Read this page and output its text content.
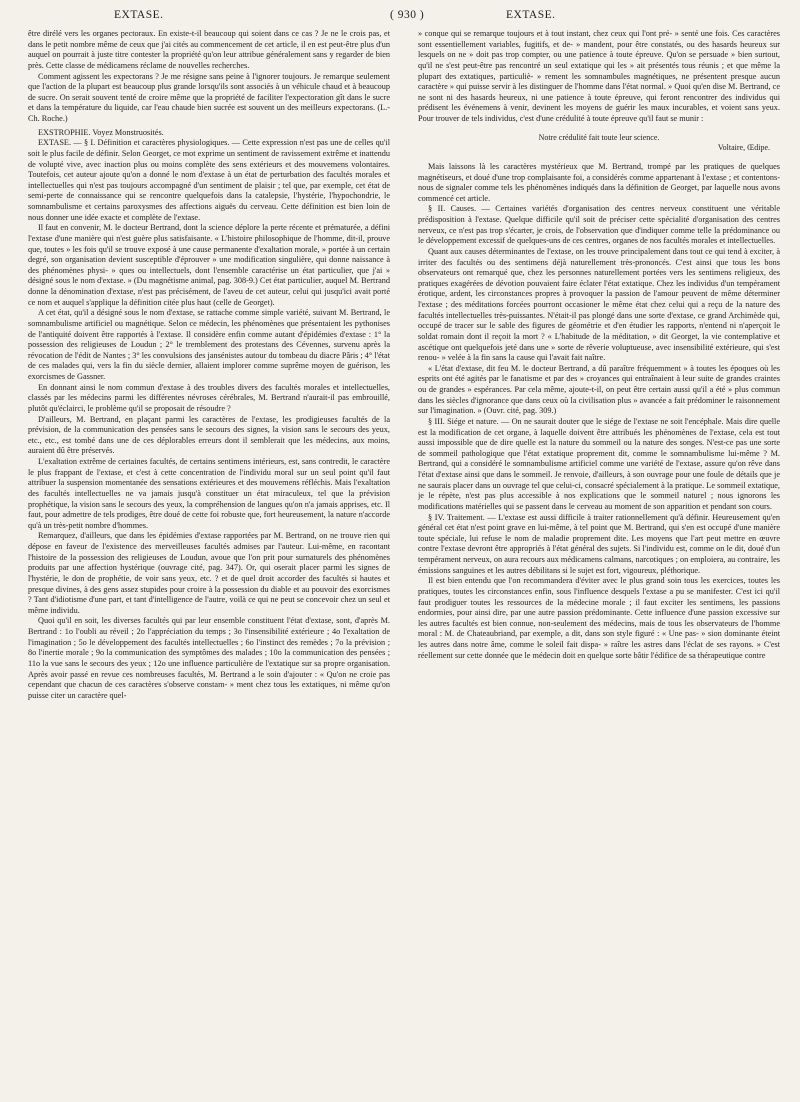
EXTASE.	( 930 )	EXTASE.

être dirélé vers les organes pectoraux. En existe-t-il beaucoup qui soient dans ce cas ? Je ne le crois pas, et dans le petit nombre même de ceux que j'ai cités au commencement de cet article, il en est peut-être plus d'un auquel on pourrait à juste titre contester la propriété qu'on leur attribue généralement sans y regarder de bien près. Cette classe de médicamens réclame de nouvelles recherches.

Comment agissent les expectorans ? Je me résigne sans peine à l'ignorer toujours. Je remarque seulement que l'action de la plupart est beaucoup plus grande lorsqu'ils sont associés à un véhicule chaud et à beaucoup de sucre. On serait souvent tenté de croire même que la propriété de faciliter l'expectoration gît dans le sucre et dans la température du liquide, car l'eau chaude bien sucrée est souvent un des meilleurs expectorans. (L.-Ch. Roche.)

EXSTROPHIE. Voyez Monstruosités.

EXTASE. — § I. Définition et caractères physiologiques. — Cette expression n'est pas une de celles qu'il soit le plus facile de définir. Selon Georget, ce mot exprime un sentiment de ravissement extrême et inattendu de volupté vive, avec inaction plus ou moins complète des sens extérieurs et des mouvemens volontaires. Toutefois, cet auteur ajoute qu'on a donné le nom d'extase à un état de perturbation des facultés morales et intellectuelles qui n'est pas toujours accompagné d'un sentiment de plaisir ; tel que, par exemple, cet état de semi-perte de connaissance qui se rencontre quelquefois dans la catalepsie, l'hystérie, l'hypochondrie, le somnambulisme et certains paroxysmes des affections aiguës du cerveau. Cette définition est bien loin de nous donner une idée exacte et complète de l'extase.

Il faut en convenir, M. le docteur Bertrand, dont la science déplore la perte récente et prématurée, a défini l'extase d'une manière qui n'est guère plus satisfaisante. « L'histoire philosophique de l'homme, dit-il, prouve que, toutes » les fois qu'il se trouve exposé à une cause permanente d'exaltation morale, » portée à un certain degré, son organisation devient susceptible d'éprouver » une modification singulière, qui donne naissance à des phénomènes physi- » ques ou intellectuels, dont l'ensemble caractérise un état particulier, que j'ai » désigné sous le nom d'extase. » (Du magnétisme animal, pag. 308-9.) Cet état particulier, auquel M. Bertrand donne la dénomination d'extase, n'est pas précisément, de l'aveu de cet auteur, celui qui jusqu'ici avait porté ce nom et auquel s'applique la définition citée plus haut (celle de Georget).

A cet état, qu'il a désigné sous le nom d'extase, se rattache comme simple variété, suivant M. Bertrand, le somnambulisme artificiel ou magnétique. Selon ce médecin, les phénomènes que présentaient les pythonises de l'antiquité doivent être rapportés à l'extase. Il considère enfin comme autant d'épidémies d'extase : 1° la possession des religieuses de Loudun ; 2° le tremblement des protestans des Cévennes, survenu après la révocation de l'édit de Nantes ; 3° les convulsions des jansénistes autour du tombeau du diacre Pâris ; 4° l'état de ces malades qui, vers la fin du siècle dernier, allaient implorer comme suprême moyen de guérison, les exorcismes de Gassner.

En donnant ainsi le nom commun d'extase à des troubles divers des facultés morales et intellectuelles, classés par les médecins parmi les différentes névroses cérébrales, M. Bertrand n'aurait-il pas embrouillé, plutôt qu'éclairci, le problème qu'il se proposait de résoudre ?

D'ailleurs, M. Bertrand, en plaçant parmi les caractères de l'extase, les prodigieuses facultés de la prévision, de la communication des pensées sans le secours des signes, la vision sans le secours des yeux, etc., etc., est tombé dans une de ces déplorables erreurs dont il semblerait que les médecins, aux moins, auraient dû être préservés.

L'exaltation extrême de certaines facultés, de certains sentimens intérieurs, est, sans contredit, le caractère le plus frappant de l'extase, et c'est à cette concentration de l'individu moral sur un seul point qu'il faut attribuer la suspension momentanée des sensations extérieures et des mouvemens réfléchis. Mais l'exaltation des facultés intellectuelles ne va jamais jusqu'à constituer un état miraculeux, tel que la prévision prophétique, la vision sans le secours des yeux, la compréhension de langues qu'on n'a jamais apprises, etc. Il faut, pour admettre de tels prodiges, être doué de cette foi robuste que, fort heureusement, la nature n'accorde qu'à un très-petit nombre d'hommes.

Remarquez, d'ailleurs, que dans les épidémies d'extase rapportées par M. Bertrand, on ne trouve rien qui dépose en faveur de l'existence des merveilleuses facultés admises par l'auteur. Lui-même, en racontant l'histoire de la possession des religieuses de Loudun, avoue que l'on prit pour surnaturels des phénomènes produits par une affection hystérique (ouvrage cité, pag. 347). Or, qui oserait placer parmi les signes de l'hystérie, le don de prophétie, de voir sans yeux, etc. ? et de quel droit accorder des facultés si hautes et presque divines, à des gens assez stupides pour croire à la possession du diable et au pouvoir des exorcismes ? Tant d'idiotisme d'une part, et tant d'intelligence de l'autre, voilà ce qui ne peut se concevoir chez un seul et même individu.

Quoi qu'il en soit, les diverses facultés qui par leur ensemble constituent l'état d'extase, sont, d'après M. Bertrand : 1o l'oubli au réveil ; 2o l'appréciation du temps ; 3o l'insensibilité extérieure ; 4o l'exaltation de l'imagination ; 5o le développement des facultés intellectuelles ; 6o l'instinct des remèdes ; 7o la prévision ; 8o l'inertie morale ; 9o la communication des symptômes des malades ; 10o la communication des pensées ; 11o la vue sans le secours des yeux ; 12o une influence particulière de l'extatique sur sa propre organisation. Après avoir passé en revue ces nombreuses facultés, M. Bertrand a le soin d'ajouter : « Qu'on ne croie pas cependant que chacun de ces caractères s'observe constam- » ment chez tous les extatiques, ni même qu'on puisse citer un caractère quel-

» conque qui se remarque toujours et à tout instant, chez ceux qui l'ont pré- » senté une fois. Ces caractères sont essentiellement variables, fugitifs, et de- » mandent, pour être constatés, ou des hasards heureux sur lesquels on ne » doit pas trop compter, ou une patience à toute épreuve. Qu'on se persuade » bien surtout, qu'il ne s'est peut-être pas rencontré un seul extatique qui les » ait présentés tous réunis ; et que même la plupart des extatiques, particuliè- » rement les somnambules magnétiques, ne présentent presque aucun caractère » qui puisse servir à les distinguer de l'homme dans l'état normal. » Quoi qu'en dise M. Bertrand, ce ne sont ni des hasards heureux, ni une patience à toute épreuve, qui feront rencontrer des individus qui prédisent les événemens à venir, devinent les moyens de guérir les maux incurables, et voient sans yeux. Pour trouver de tels individus, c'est d'une crédulité à toute épreuve qu'il faut se munir :

Notre crédulité fait toute leur science.

Voltaire, Œdipe.

Mais laissons là les caractères mystérieux que M. Bertrand, trompé par les pratiques de quelques magnétiseurs, et doué d'une trop complaisante foi, a considérés comme appartenant à l'extase ; et contentons-nous de signaler comme tels les phénomènes indiqués dans la définition de Georget, par laquelle nous avons commencé cet article.

§ II. Causes. — Certaines variétés d'organisation des centres nerveux constituent une véritable prédisposition à l'extase. Quelque difficile qu'il soit de préciser cette spécialité d'organisation des centres nerveux, ce n'est pas trop s'écarter, je crois, de l'observation que d'indiquer comme telle la prédominance ou le développement excessif de quelques-uns de ces centres, organes de nos facultés morales et intellectuelles.

Quant aux causes déterminantes de l'extase, on les trouve principalement dans tout ce qui tend à exciter, à irriter des facultés ou des sentimens déjà naturellement très-prononcés. C'est ainsi que tous les bons observateurs ont remarqué que, chez les personnes naturellement portées vers les sentimens religieux, des pratiques exagérées de dévotion pouvaient faire éclater l'état extatique. Chez les individus d'un tempérament érotique, ardent, les circonstances propres à provoquer la passion de l'amour peuvent de même déterminer l'extase ; des méditations forcées pourront occasioner le même état chez celui qui a reçu de la nature des facultés intellectuelles très-puissantes. N'était-il pas plongé dans une sorte d'extase, ce grand Archimède qui, occupé de tracer sur le sable des figures de géométrie et d'en étudier les rapports, n'entend ni n'aperçoit le soldat romain dont il reçoit la mort ? « L'habitude de la méditation, » dit Georget, la vie contemplative et ascétique ont quelquefois jeté dans une » sorte de rêverie voluptueuse, avec insensibilité extérieure, qui s'est renou- » velée à la fin sans la cause qui l'avait fait naître.

« L'état d'extase, dit feu M. le docteur Bertrand, a dû paraître fréquemment » à toutes les époques où les esprits ont été agités par le fanatisme et par des » croyances qui entraînaient à leur suite de grandes craintes ou de grandes » espérances. Par cela même, ajoute-t-il, on peut être certain aussi qu'il a été » plus commun dans les siècles d'ignorance que dans ceux où la civilisation plus » avancée a fait prédominer le raisonnement sur l'imagination. » (Ouvr. cité, pag. 309.)

§ III. Siége et nature. — On ne saurait douter que le siége de l'extase ne soit l'encéphale. Mais dire quelle est la modification de cet organe, à laquelle doivent être attribués les phénomènes de l'extase, cela est tout aussi impossible que de dire quelle est la nature du sommeil ou la nature des songes. N'est-ce pas une sorte de sommeil pathologique que l'état extatique proprement dit, comme le somnambulisme lui-même ? M. Bertrand, qui a considéré le somnambulisme artificiel comme une variété de l'extase, assure qu'on rêve dans l'état d'extase ainsi que dans le sommeil. Je renvoie, d'ailleurs, à son ouvrage pour une foule de détails que je ne saurais placer dans un ouvrage tel que celui-ci, consacré spécialement à la pratique. Le sommeil extatique, je le répète, n'est pas plus accessible à nos explications que le sommeil naturel ; nous ignorons les modifications matérielles qui se passent dans le cerveau au moment de son apparition et pendant son cours.

§ IV. Traitement. — L'extase est aussi difficile à traiter rationnellement qu'à définir. Heureusement qu'en général cet état n'est point grave en lui-même, à tel point que M. Bertrand, qui s'en est occupé d'une manière toute spéciale, lui refuse le nom de maladie proprement dite. Les moyens que l'art peut mettre en œuvre contre l'extase devront être appropriés à l'état général des sujets. Si l'individu est, comme on le dit, doué d'un tempérament nerveux, on aura recours aux médicamens calmans, narcotiques ; on emploiera, au contraire, les émissions sanguines et les autres débilitans si le sujet est fort, vigoureux, pléthorique.

Il est bien entendu que l'on recommandera d'éviter avec le plus grand soin tous les exercices, toutes les pratiques, toutes les circonstances enfin, sous l'influence desquels l'extase a pu se manifester. C'est ici qu'il faut prodiguer toutes les ressources de la médecine morale ; il faut exciter les sentimens, les passions endormies, pour ainsi dire, par une autre passion prédominante. Cette influence d'une passion excessive sur les autres facultés est bien connue, non-seulement des médecins, mais de tous les observateurs de l'homme moral : M. de Chateaubriand, par exemple, a dit, dans son style figuré : « Une pas- » sion dominante éteint les autres dans notre âme, comme le soleil fait dispa- » raître les astres dans l'éclat de ses rayons. » C'est réellement sur cette donnée que le médecin doit en quelque sorte bâtir l'édifice de sa thérapeutique contre
